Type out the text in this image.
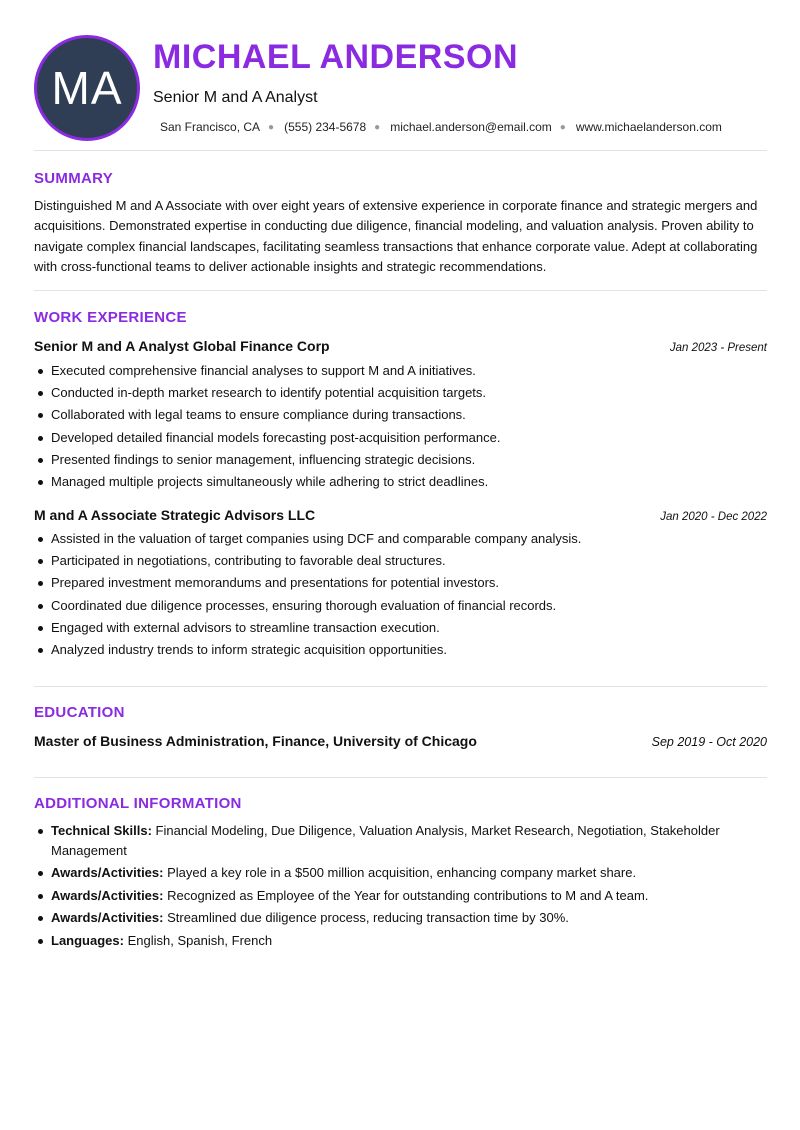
MA
MICHAEL ANDERSON
Senior M and A Analyst
San Francisco, CA ● (555) 234-5678 ● michael.anderson@email.com ● www.michaelanderson.com
SUMMARY

Distinguished M and A Associate with over eight years of extensive experience in corporate finance and strategic mergers and acquisitions. Demonstrated expertise in conducting due diligence, financial modeling, and valuation analysis. Proven ability to navigate complex financial landscapes, facilitating seamless transactions that enhance corporate value. Adept at collaborating with cross-functional teams to deliver actionable insights and strategic recommendations.

WORK EXPERIENCE
Senior M and A Analyst Global Finance Corp	Jan 2023 - Present
Executed comprehensive financial analyses to support M and A initiatives.
Conducted in-depth market research to identify potential acquisition targets.
Collaborated with legal teams to ensure compliance during transactions.
Developed detailed financial models forecasting post-acquisition performance.
Presented findings to senior management, influencing strategic decisions.
Managed multiple projects simultaneously while adhering to strict deadlines.
M and A Associate Strategic Advisors LLC	Jan 2020 - Dec 2022
Assisted in the valuation of target companies using DCF and comparable company analysis.
Participated in negotiations, contributing to favorable deal structures.
Prepared investment memorandums and presentations for potential investors.
Coordinated due diligence processes, ensuring thorough evaluation of financial records.
Engaged with external advisors to streamline transaction execution.
Analyzed industry trends to inform strategic acquisition opportunities.
EDUCATION
Master of Business Administration, Finance, University of Chicago	Sep 2019 - Oct 2020
ADDITIONAL INFORMATION
Technical Skills: Financial Modeling, Due Diligence, Valuation Analysis, Market Research, Negotiation, Stakeholder Management
Awards/Activities: Played a key role in a $500 million acquisition, enhancing company market share.
Awards/Activities: Recognized as Employee of the Year for outstanding contributions to M and A team.
Awards/Activities: Streamlined due diligence process, reducing transaction time by 30%.
Languages: English, Spanish, French
